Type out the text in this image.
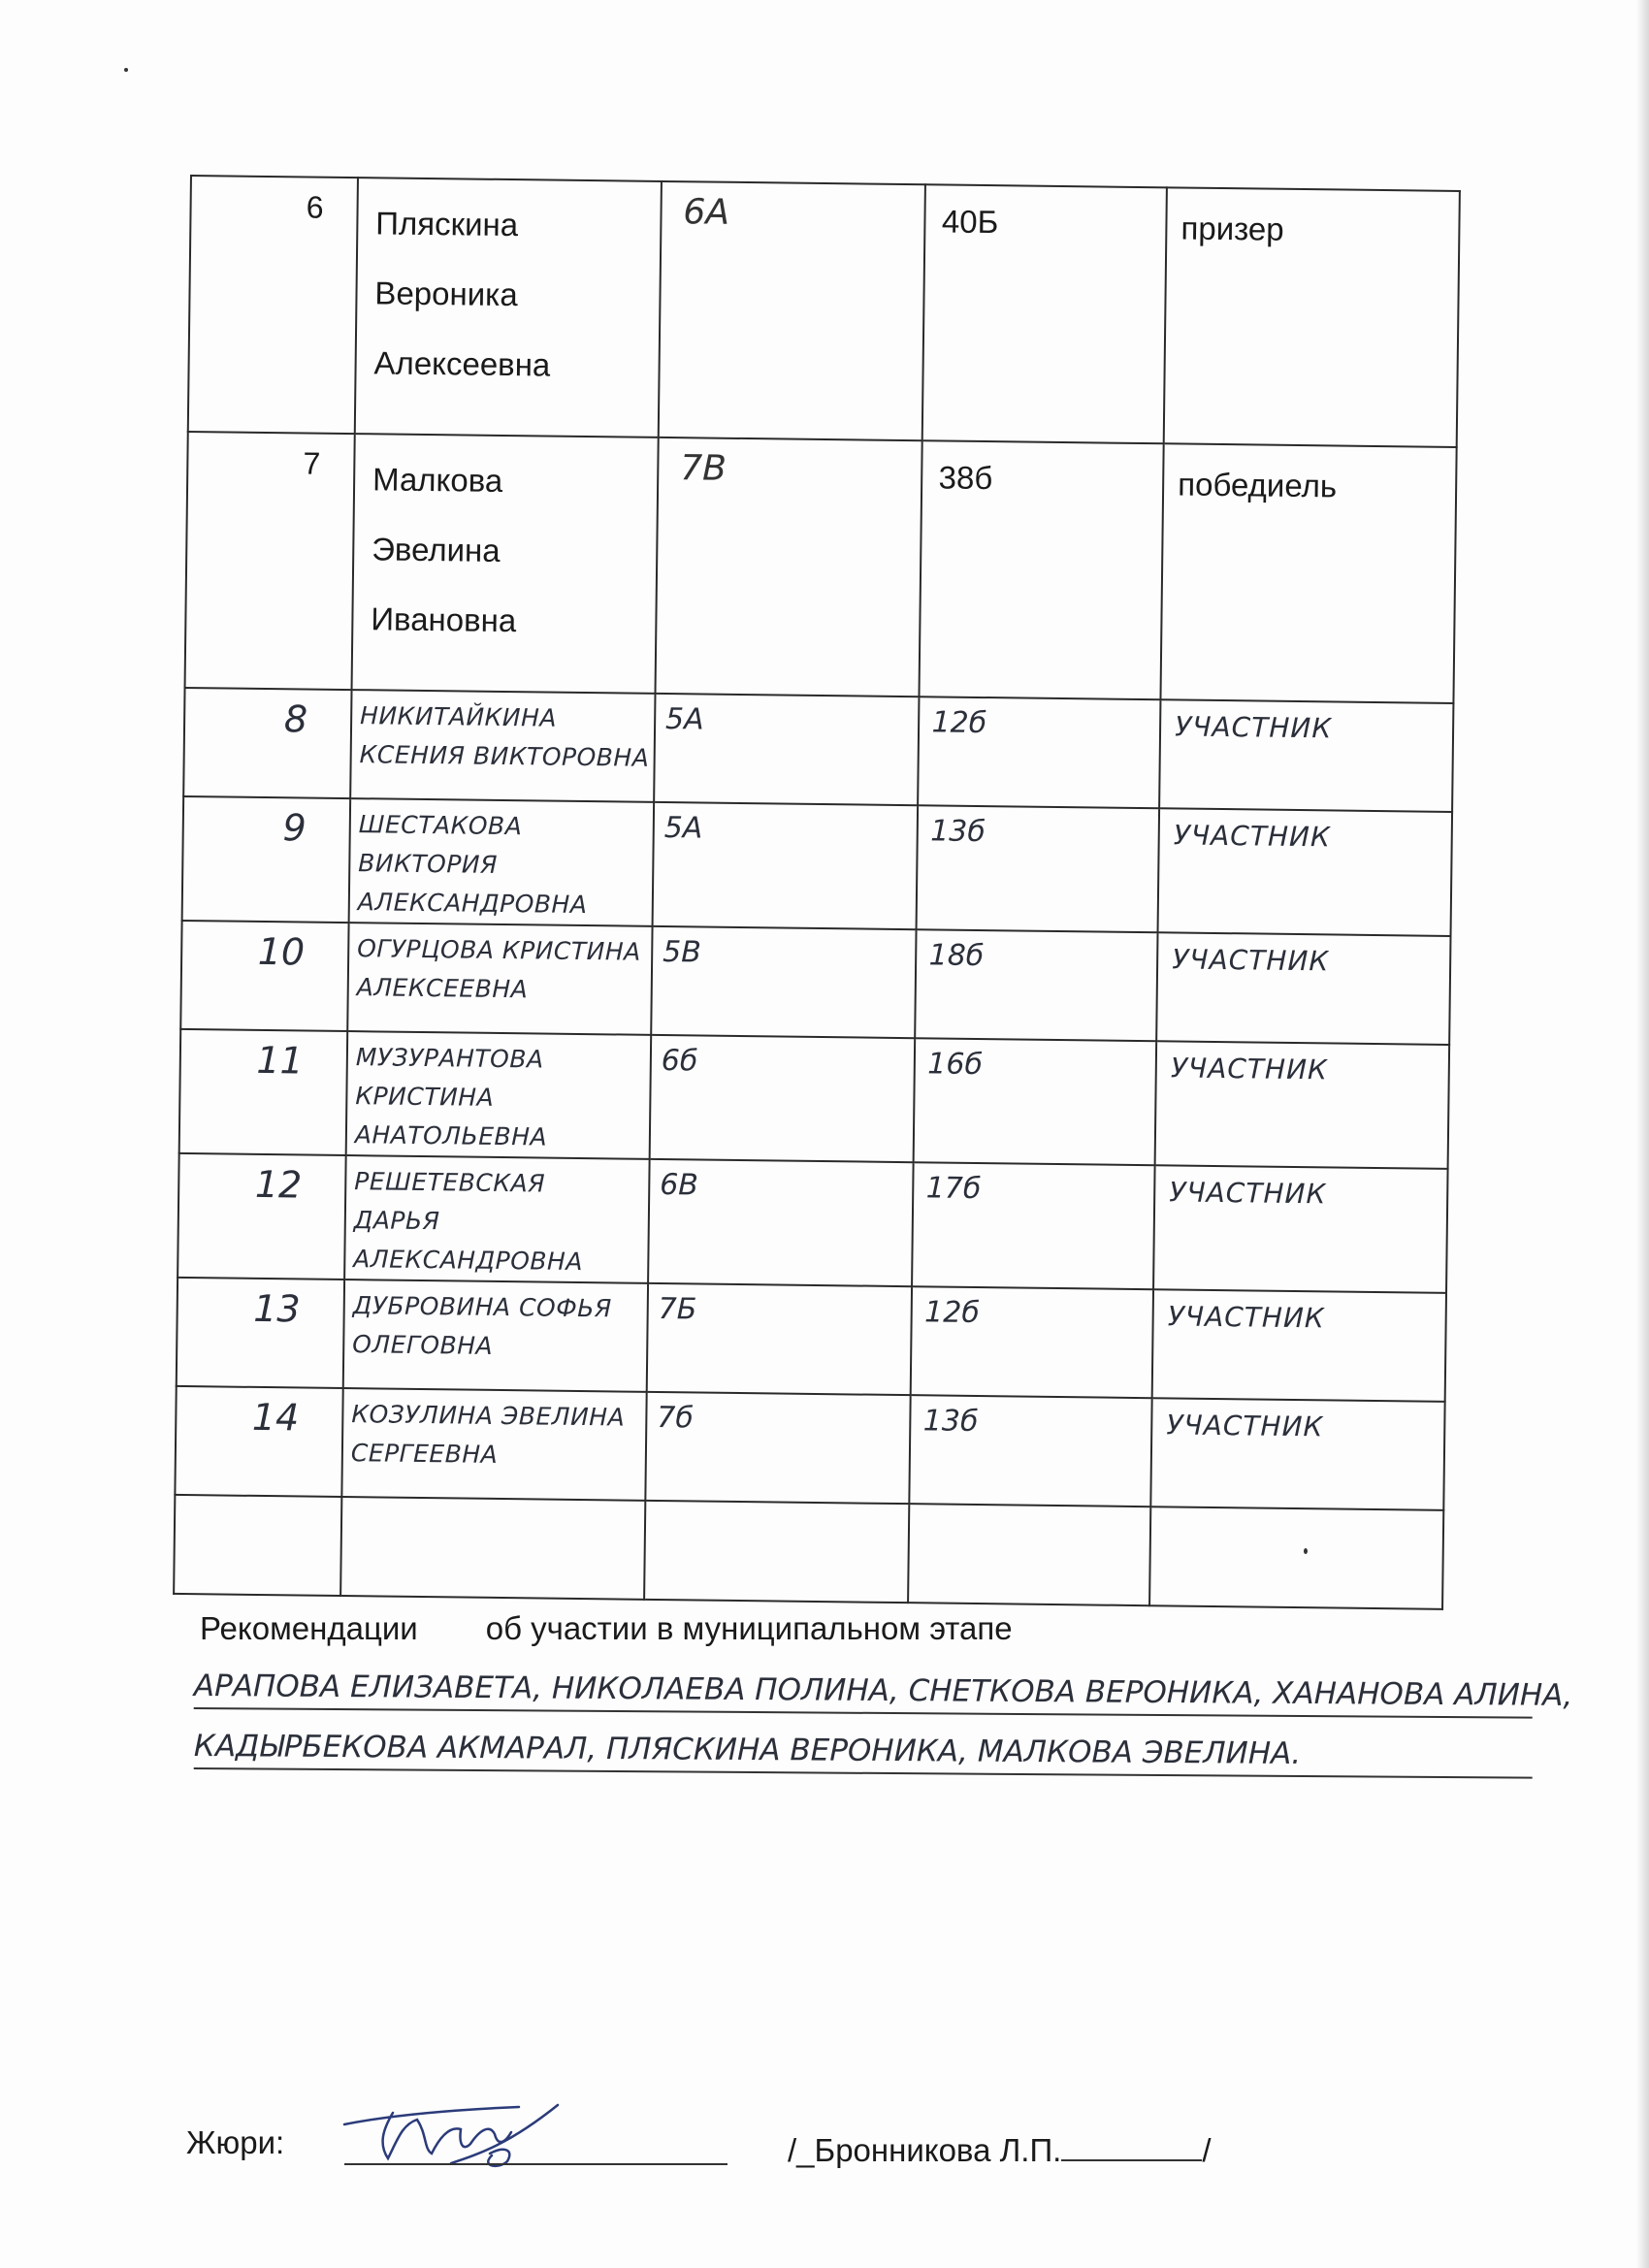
6	Пляскина
Вероника
Алексеевна	6А	40Б	призер
7	Малкова
Эвелина
Ивановна	7В	38б	победиель
8	НИКИТАЙКИНА
КСЕНИЯ ВИКТОРОВНА	5А	12б	УЧАСТНИК
9	ШЕСТАКОВА ВИКТОРИЯ
АЛЕКСАНДРОВНА	5А	13б	УЧАСТНИК
10	ОГУРЦОВА КРИСТИНА
АЛЕКСЕЕВНА	5В	18б	УЧАСТНИК
11	МУЗУРАНТОВА КРИСТИНА
АНАТОЛЬЕВНА	6б	16б	УЧАСТНИК
12	РЕШЕТЕВСКАЯ
ДАРЬЯ АЛЕКСАНДРОВНА	6В	17б	УЧАСТНИК
13	ДУБРОВИНА СОФЬЯ
ОЛЕГОВНА	7Б	12б	УЧАСТНИК
14	КОЗУЛИНА ЭВЕЛИНА
СЕРГЕЕВНА	7б	13б	УЧАСТНИК

Рекомендации об участии в муниципальном этапе
АРАПОВА ЕЛИЗАВЕТА, НИКОЛАЕВА ПОЛИНА, СНЕТКОВА ВЕРОНИКА, ХАНАНОВА АЛИНА,
КАДЫРБЕКОВА АКМАРАЛ, ПЛЯСКИНА ВЕРОНИКА, МАЛКОВА ЭВЕЛИНА.
Жюри:	/_Бронникова Л.П.	/
